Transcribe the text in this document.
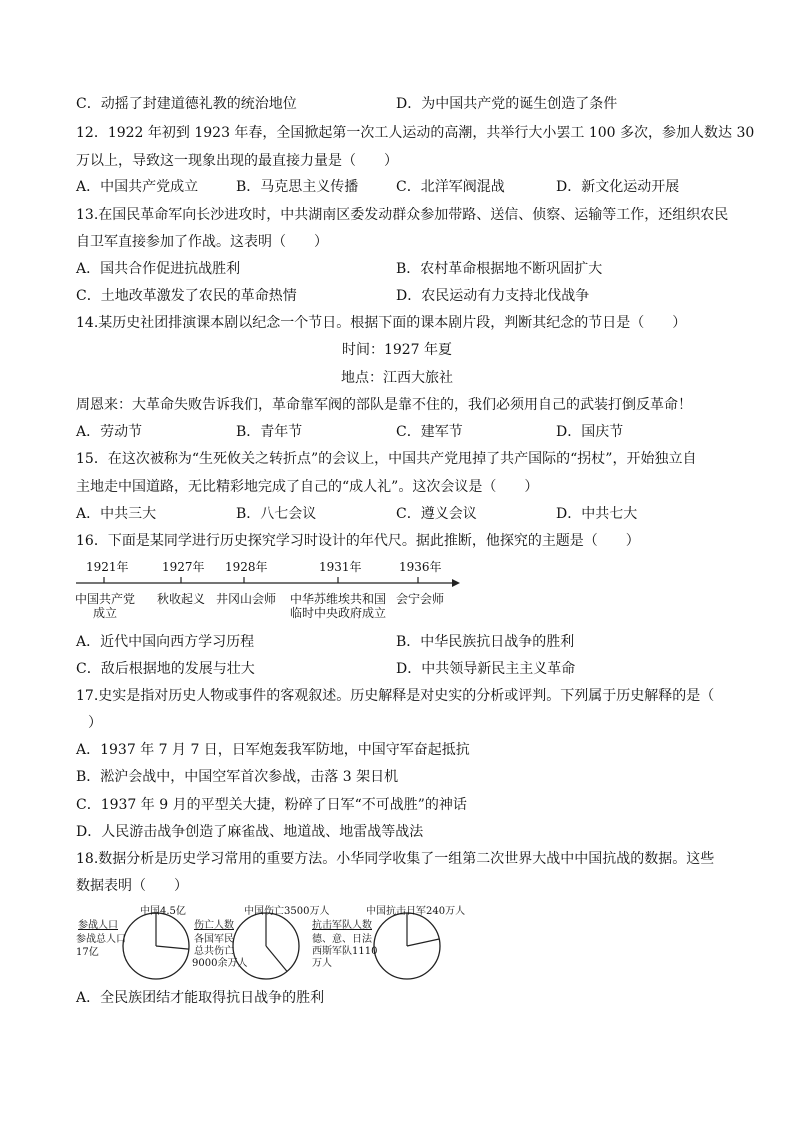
C．动摇了封建道德礼教的统治地位	D．为中国共产党的诞生创造了条件
12．1922 年初到 1923 年春，全国掀起第一次工人运动的高潮，共举行大小罢工 100 多次，参加人数达 30
万以上，导致这一现象出现的最直接力量是（　　）
A．中国共产党成立	B．马克思主义传播	C．北洋军阀混战	D．新文化运动开展
13.在国民革命军向长沙进攻时，中共湖南区委发动群众参加带路、送信、侦察、运输等工作，还组织农民
自卫军直接参加了作战。这表明（　　）
A．国共合作促进抗战胜利	B．农村革命根据地不断巩固扩大
C．土地改革激发了农民的革命热情	D．农民运动有力支持北伐战争
14.某历史社团排演课本剧以纪念一个节日。根据下面的课本剧片段，判断其纪念的节日是（　　）
时间：1927 年夏
地点：江西大旅社
周恩来：大革命失败告诉我们，革命靠军阀的部队是靠不住的，我们必须用自己的武装打倒反革命！
A．劳动节	B．青年节	C．建军节	D．国庆节
15．在这次被称为“生死攸关之转折点”的会议上，中国共产党甩掉了共产国际的“拐杖”，开始独立自
主地走中国道路，无比精彩地完成了自己的“成人礼”。这次会议是（　　）
A．中共三大	B．八七会议	C．遵义会议	D．中共七大
16．下面是某同学进行历史探究学习时设计的年代尺。据此推断，他探究的主题是（　　）
1921年	1927年 1928年	1931年	1936年
中国共产党
成立
秋收起义 井冈山会师	中华苏维埃共和国
临时中央政府成立
会宁会师
A．近代中国向西方学习历程	B．中华民族抗日战争的胜利
C．敌后根据地的发展与壮大	D．中共领导新民主主义革命
17.史实是指对历史人物或事件的客观叙述。历史解释是对史实的分析或评判。下列属于历史解释的是（
）
A．1937 年 7 月 7 日，日军炮轰我军防地，中国守军奋起抵抗
B．淞沪会战中，中国空军首次参战，击落 3 架日机
C．1937 年 9 月的平型关大捷，粉碎了日军“不可战胜”的神话
D．人民游击战争创造了麻雀战、地道战、地雷战等战法
18.数据分析是历史学习常用的重要方法。小华同学收集了一组第二次世界大战中中国抗战的数据。这些
数据表明（　　）
参战人口
参战总人口
17亿
中国4.5亿
伤亡人数
各国军民
总共伤亡
9000余万人
中国伤亡3500万人
抗击军队人数
德、意、日法
西斯军队1110
万人
中国抗击日军240万人
A．全民族团结才能取得抗日战争的胜利
